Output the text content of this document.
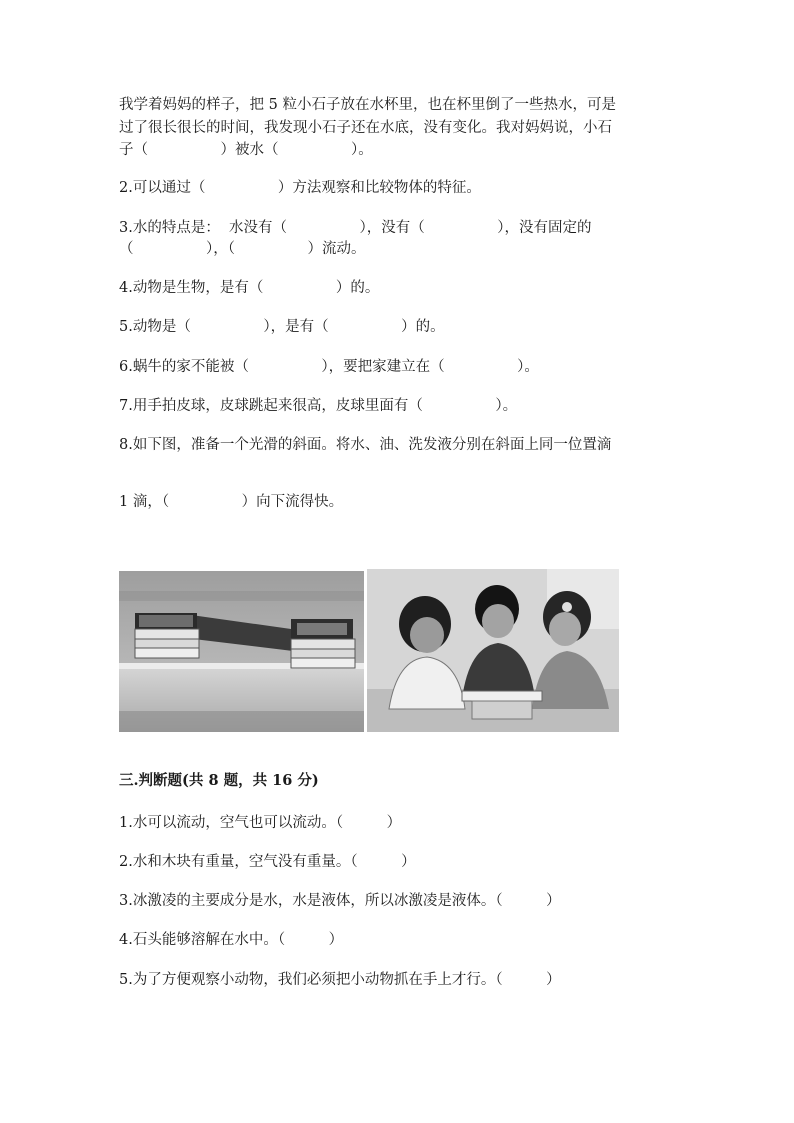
我学着妈妈的样子，把 5 粒小石子放在水杯里，也在杯里倒了一些热水，可是
过了很长很长的时间，我发现小石子还在水底，没有变化。我对妈妈说，小石
子（　　　　　）被水（　　　　　）。
2.可以通过（　　　　　）方法观察和比较物体的特征。
3.水的特点是：  水没有（　　　　　），没有（　　　　　），没有固定的
（　　　　　），（　　　　　）流动。
4.动物是生物，是有（　　　　　）的。
5.动物是（　　　　　），是有（　　　　　）的。
6.蜗牛的家不能被（　　　　　），要把家建立在（　　　　　）。
7.用手拍皮球，皮球跳起来很高，皮球里面有（　　　　　）。
8.如下图，准备一个光滑的斜面。将水、油、洗发液分别在斜面上同一位置滴
1 滴，（　　　　　）向下流得快。
三.判断题(共 8 题，共 16 分)
1.水可以流动，空气也可以流动。（　　　）
2.水和木块有重量，空气没有重量。（　　　）
3.冰激凌的主要成分是水，水是液体，所以冰激凌是液体。（　　　）
4.石头能够溶解在水中。（　　　）
5.为了方便观察小动物，我们必须把小动物抓在手上才行。（　　　）
